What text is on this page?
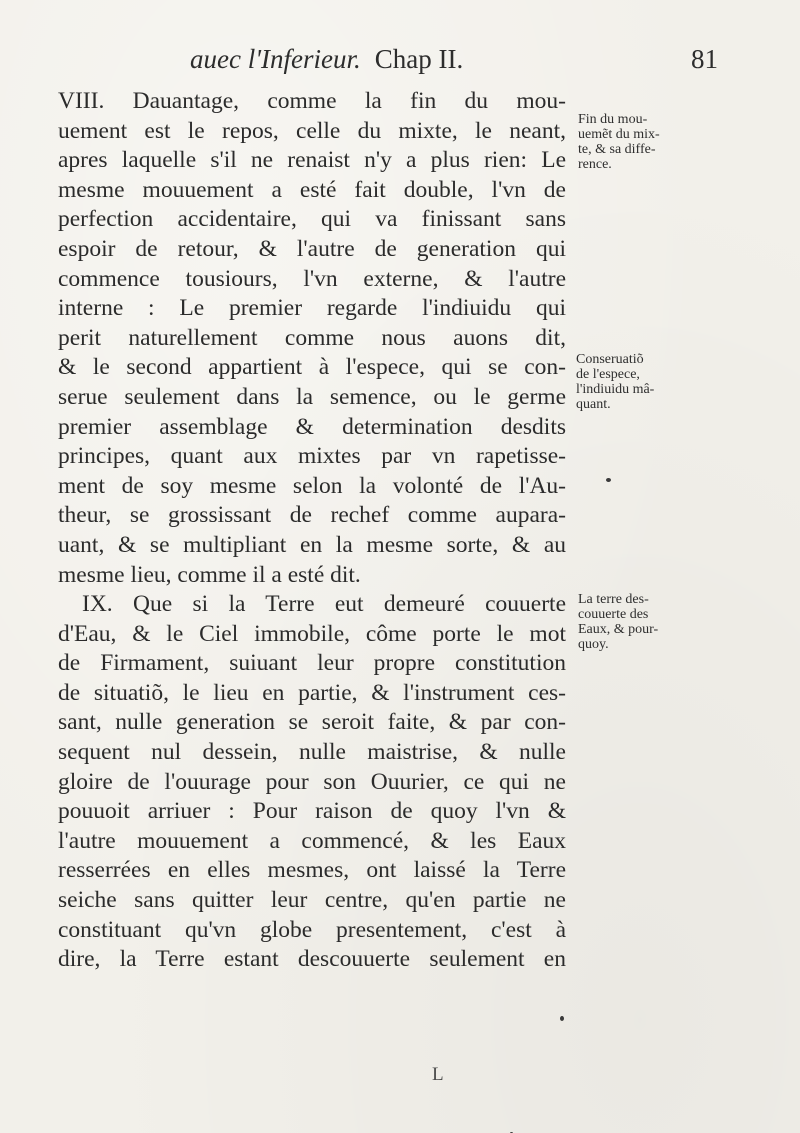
auec l'Inferieur. Chap II.	81
VIII. Dauantage, comme la fin du mou-
uement est le repos, celle du mixte, le neant,
apres laquelle s'il ne renaist n'y a plus rien: Le
mesme mouuement a esté fait double, l'vn de
perfection accidentaire, qui va finissant sans
espoir de retour, & l'autre de generation qui
commence tousiours, l'vn externe, & l'autre
interne : Le premier regarde l'indiuidu qui
perit naturellement comme nous auons dit,
& le second appartient à l'espece, qui se con-
serue seulement dans la semence, ou le germe
premier assemblage & determination desdits
principes, quant aux mixtes par vn rapetisse-
ment de soy mesme selon la volonté de l'Au-
theur, se grossissant de rechef comme aupara-
uant, & se multipliant en la mesme sorte, & au
mesme lieu, comme il a esté dit.
IX. Que si la Terre eut demeuré couuerte
d'Eau, & le Ciel immobile, côme porte le mot
de Firmament, suiuant leur propre constitution
de situatiõ, le lieu en partie, & l'instrument ces-
sant, nulle generation se seroit faite, & par con-
sequent nul dessein, nulle maistrise, & nulle
gloire de l'ouurage pour son Ouurier, ce qui ne
pouuoit arriuer : Pour raison de quoy l'vn &
l'autre mouuement a commencé, & les Eaux
resserrées en elles mesmes, ont laissé la Terre
seiche sans quitter leur centre, qu'en partie ne
constituant qu'vn globe presentement, c'est à
dire, la Terre estant descouuerte seulement en
Fin du mou-
uemẽt du mix-
te, & sa diffe-
rence.
Conseruatiõ
de l'espece,
l'indiuidu mâ-
quant.
La terre des-
couuerte des
Eaux, & pour-
quoy.
L
